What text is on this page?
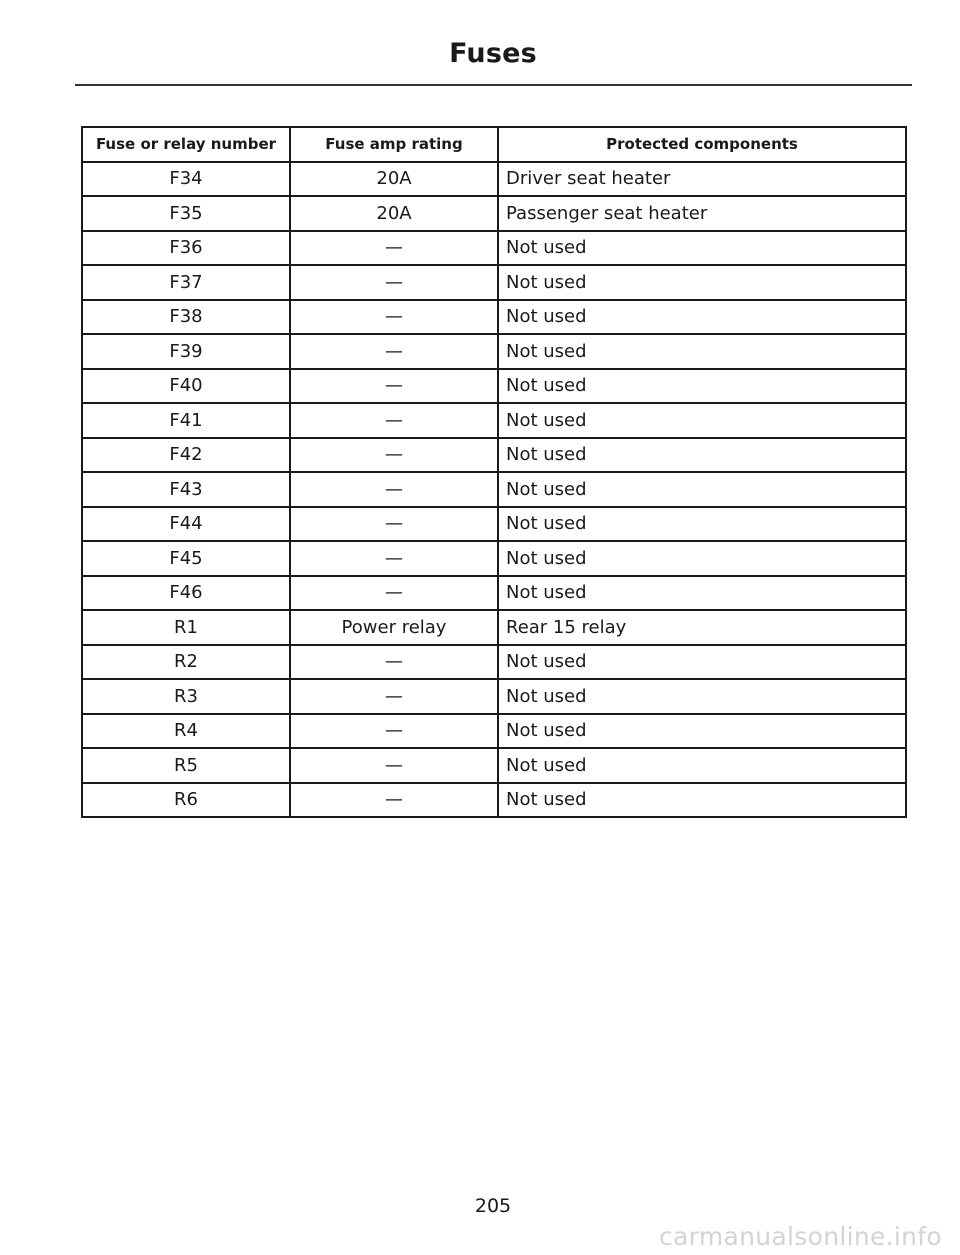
Fuses
Fuse or relay number	Fuse amp rating	Protected components
F34	20A	Driver seat heater
F35	20A	Passenger seat heater
F36	—	Not used
F37	—	Not used
F38	—	Not used
F39	—	Not used
F40	—	Not used
F41	—	Not used
F42	—	Not used
F43	—	Not used
F44	—	Not used
F45	—	Not used
F46	—	Not used
R1	Power relay	Rear 15 relay
R2	—	Not used
R3	—	Not used
R4	—	Not used
R5	—	Not used
R6	—	Not used
205
carmanualsonline.info
